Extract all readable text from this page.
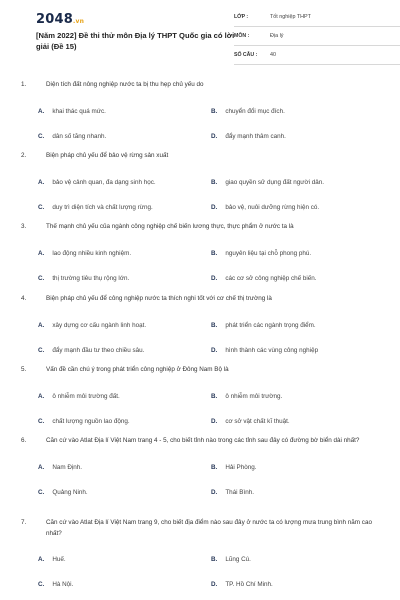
2048.vn
[Năm 2022] Đề thi thử môn Địa lý THPT Quốc gia có lời giải (Đề 15)
LỚP :	Tốt nghiệp THPT
MÔN :	Địa lý
SỐ CÂU :	40
1.	Diện tích đất nông nghiệp nước ta bị thu hẹp chủ yếu do
A. khai thác quá mức.	B. chuyển đổi mục đích.
C. dân số tăng nhanh.	D. đẩy mạnh thâm canh.
2.	Biện pháp chủ yếu để bảo vệ rừng sản xuất
A. bảo vệ cảnh quan, đa dạng sinh học.	B. giao quyền sử dụng đất người dân.
C. duy trì diện tích và chất lượng rừng.	D. bảo vệ, nuôi dưỡng rừng hiện có.
3.	Thế mạnh chủ yếu của ngành công nghiệp chế biến lương thực, thực phẩm ở nước ta là
A. lao động nhiều kinh nghiệm.	B. nguyên liệu tại chỗ phong phú.
C. thị trường tiêu thụ rộng lớn.	D. các cơ sở công nghiệp chế biến.
4.	Biện pháp chủ yếu để công nghiệp nước ta thích nghi tốt với cơ chế thị trường là
A. xây dựng cơ cấu ngành linh hoạt.	B. phát triển các ngành trọng điểm.
C. đẩy mạnh đầu tư theo chiều sâu.	D. hình thành các vùng công nghiệp
5.	Vấn đề cần chú ý trong phát triển công nghiệp ở Đông Nam Bộ là
A. ô nhiễm môi trường đất.	B. ô nhiễm môi trường.
C. chất lượng nguồn lao động.	D. cơ sở vật chất kĩ thuật.
6.	Căn cứ vào Atlat Địa lí Việt Nam trang 4 - 5, cho biết tỉnh nào trong các tỉnh sau đây có đường bờ biển dài nhất?
A. Nam Định.	B. Hải Phòng.
C. Quảng Ninh.	D. Thái Bình.
7.	Căn cứ vào Atlat Địa lí Việt Nam trang 9, cho biết địa điểm nào sau đây ở nước ta có lượng mưa trung bình năm cao nhất?
A. Huế.	B. Lũng Cú.
C. Hà Nội.	D. TP. Hồ Chí Minh.
